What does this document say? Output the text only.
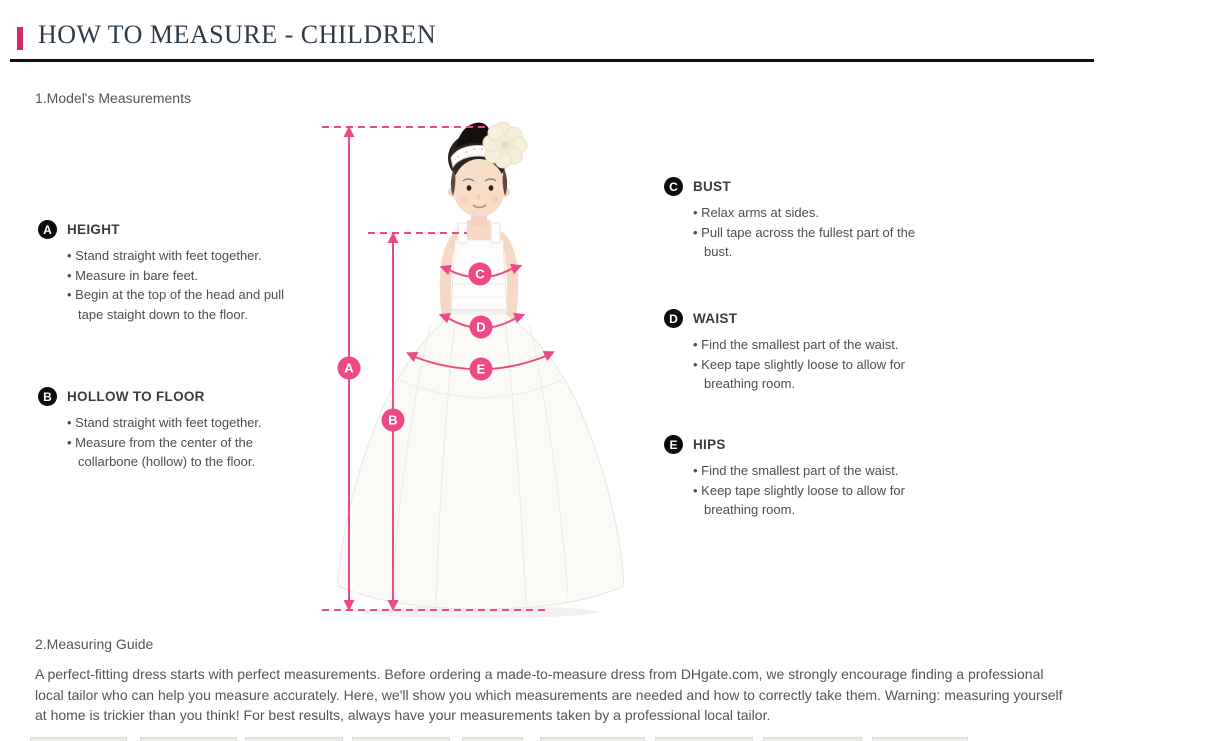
HOW TO MEASURE - CHILDREN
1.Model's Measurements
A	HEIGHT
• Stand straight with feet together.
• Measure in bare feet.
• Begin at the top of the head and pull tape staight down to the floor.
B	HOLLOW TO FLOOR
• Stand straight with feet together.
• Measure from the center of the collarbone (hollow) to the floor.
C	BUST
• Relax arms at sides.
• Pull tape across the fullest part of the bust.
D	WAIST
• Find the smallest part of the waist.
• Keep tape slightly loose to allow for breathing room.
E	HIPS
• Find the smallest part of the waist.
• Keep tape slightly loose to allow for breathing room.
A
B
C
D
E
2.Measuring Guide

A perfect-fitting dress starts with perfect measurements. Before ordering a made-to-measure dress from DHgate.com, we strongly encourage finding a professional local tailor who can help you measure accurately. Here, we'll show you which measurements are needed and how to correctly take them. Warning: measuring yourself at home is trickier than you think! For best results, always have your measurements taken by a professional local tailor.
